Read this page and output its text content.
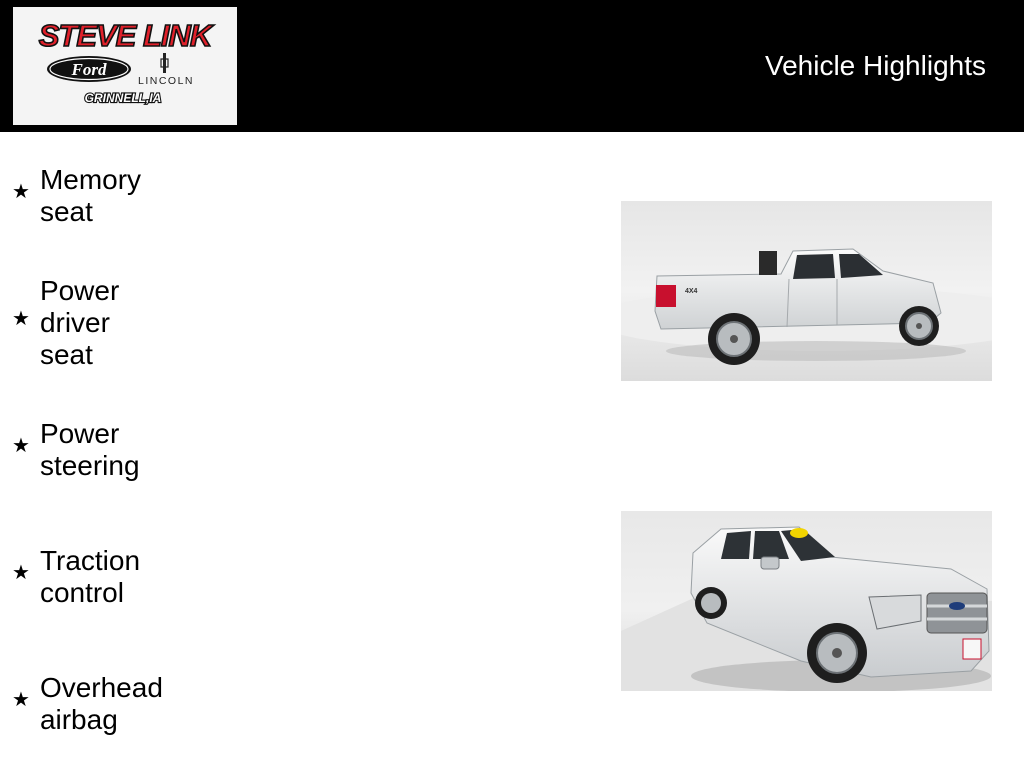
STEVE LINK
Ford
LINCOLN
GRINNELL,IA
Vehicle Highlights
★ Memory seat
★
Power driver seat
★ Power steering
★ Traction control
★ Overhead airbag
4X4
